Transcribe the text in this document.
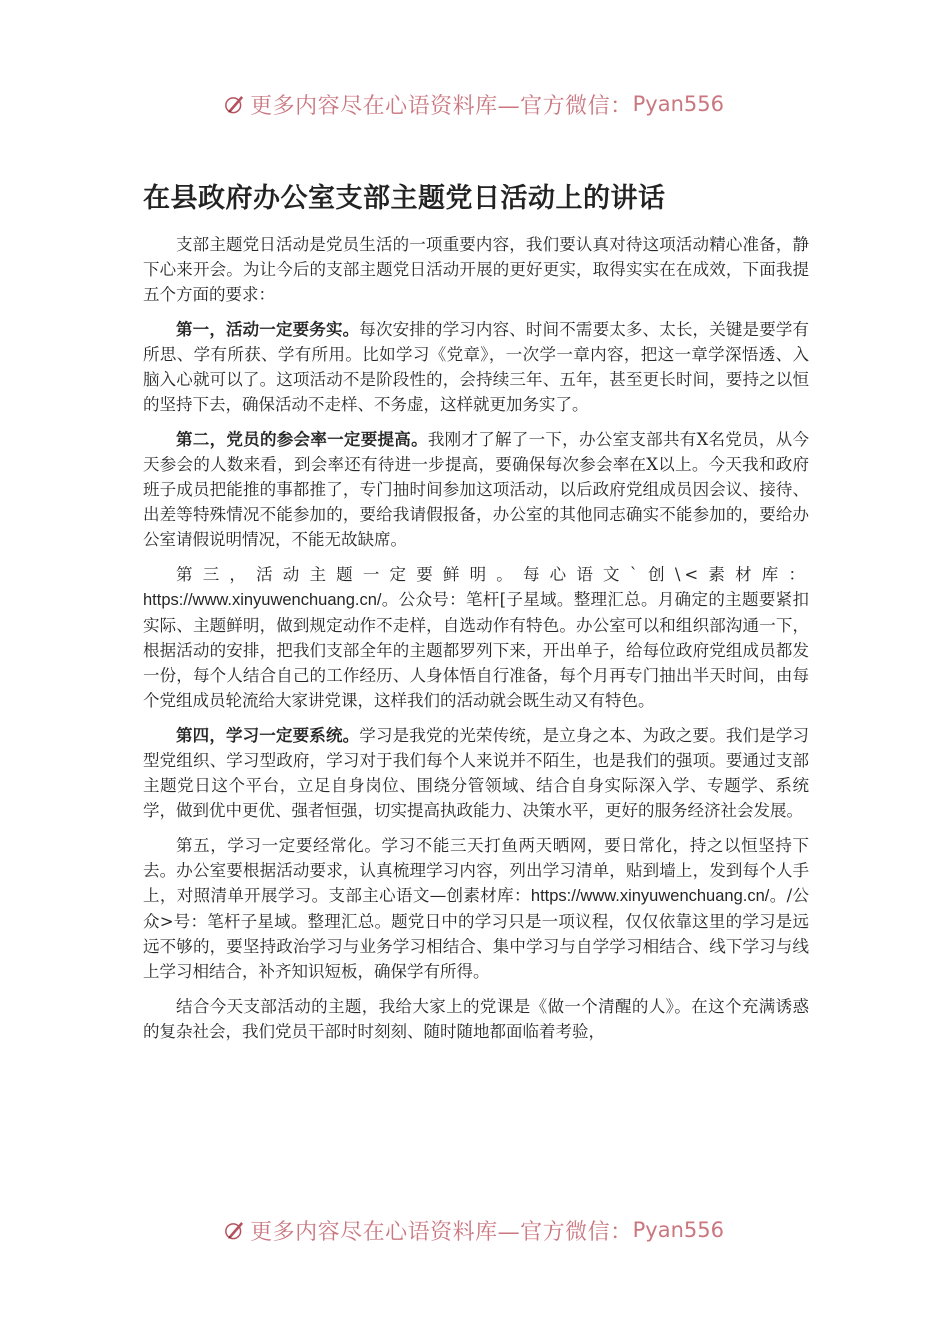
更多内容尽在心语资料库—官方微信： Pyan556
在县政府办公室支部主题党日活动上的讲话

支部主题党日活动是党员生活的一项重要内容，我们要认真对待这项活动精心准备，静下心来开会。为让今后的支部主题党日活动开展的更好更实，取得实实在在成效，下面我提五个方面的要求：

第一，活动一定要务实。每次安排的学习内容、时间不需要太多、太长，关键是要学有所思、学有所获、学有所用。比如学习《党章》，一次学一章内容，把这一章学深悟透、入脑入心就可以了。这项活动不是阶段性的，会持续三年、五年，甚至更长时间，要持之以恒的坚持下去，确保活动不走样、不务虚，这样就更加务实了。

第二，党员的参会率一定要提高。我刚才了解了一下，办公室支部共有X名党员，从今天参会的人数来看，到会率还有待进一步提高，要确保每次参会率在X以上。今天我和政府班子成员把能推的事都推了，专门抽时间参加这项活动，以后政府党组成员因会议、接待、出差等特殊情况不能参加的，要给我请假报备，办公室的其他同志确实不能参加的，要给办公室请假说明情况，不能无故缺席。

第三，活动主题一定要鲜明。每心语文`创\<素材库：https://www.xinyuwenchuang.cn/。公众号：笔杆[子星域。整理汇总。月确定的主题要紧扣实际、主题鲜明，做到规定动作不走样，自选动作有特色。办公室可以和组织部沟通一下，根据活动的安排，把我们支部全年的主题都罗列下来，开出单子，给每位政府党组成员都发一份，每个人结合自己的工作经历、人身体悟自行准备，每个月再专门抽出半天时间，由每个党组成员轮流给大家讲党课，这样我们的活动就会既生动又有特色。

第四，学习一定要系统。学习是我党的光荣传统，是立身之本、为政之要。我们是学习型党组织、学习型政府，学习对于我们每个人来说并不陌生，也是我们的强项。要通过支部主题党日这个平台，立足自身岗位、围绕分管领域、结合自身实际深入学、专题学、系统学，做到优中更优、强者恒强，切实提高执政能力、决策水平，更好的服务经济社会发展。

第五，学习一定要经常化。学习不能三天打鱼两天晒网，要日常化，持之以恒坚持下去。办公室要根据活动要求，认真梳理学习内容，列出学习清单，贴到墙上，发到每个人手上，对照清单开展学习。支部主心语文—创素材库：https://www.xinyuwenchuang.cn/。/公众>号：笔杆子星域。整理汇总。题党日中的学习只是一项议程，仅仅依靠这里的学习是远远不够的，要坚持政治学习与业务学习相结合、集中学习与自学学习相结合、线下学习与线上学习相结合，补齐知识短板，确保学有所得。

结合今天支部活动的主题，我给大家上的党课是《做一个清醒的人》。在这个充满诱惑的复杂社会，我们党员干部时时刻刻、随时随地都面临着考验，

更多内容尽在心语资料库—官方微信： Pyan556
